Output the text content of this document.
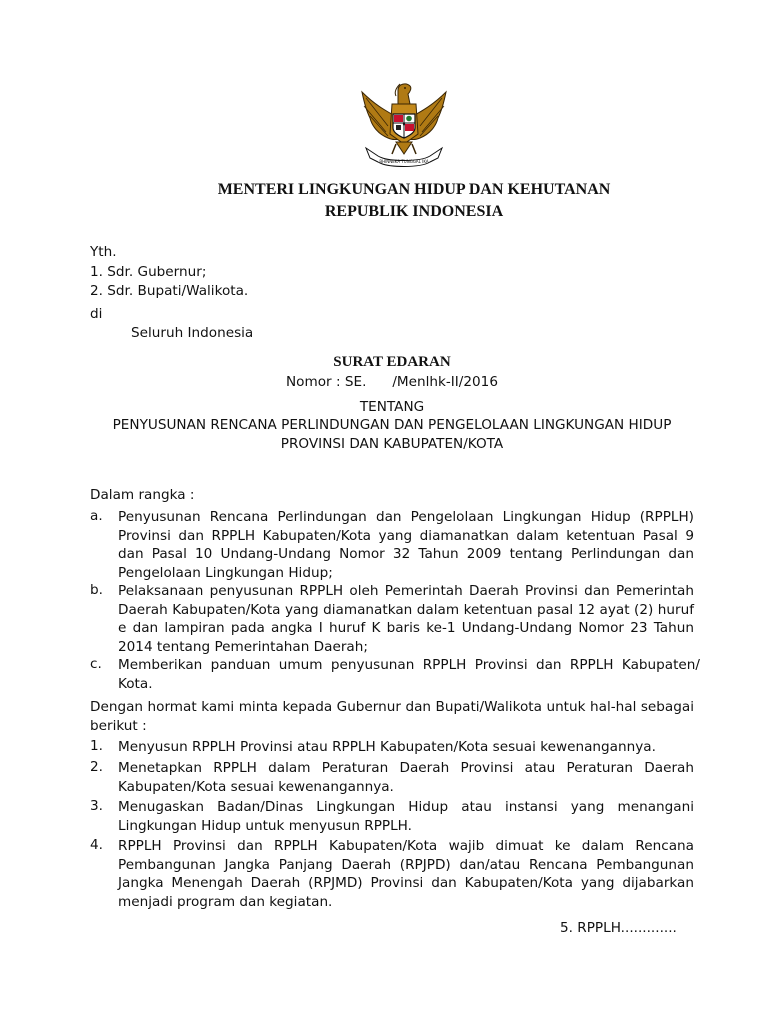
BHINNEKA TUNGGAL IKA
MENTERI LINGKUNGAN HIDUP DAN KEHUTANAN
REPUBLIK INDONESIA
Yth.
1. Sdr. Gubernur;
2. Sdr. Bupati/Walikota.
di
Seluruh Indonesia
SURAT EDARAN
Nomor : SE.      /Menlhk-II/2016
TENTANG
PENYUSUNAN RENCANA PERLINDUNGAN DAN PENGELOLAAN LINGKUNGAN HIDUP
PROVINSI DAN KABUPATEN/KOTA
Dalam rangka :
a. Penyusunan Rencana Perlindungan dan Pengelolaan Lingkungan Hidup (RPPLH) Provinsi dan RPPLH Kabupaten/Kota yang diamanatkan dalam ketentuan Pasal 9 dan Pasal 10 Undang-Undang Nomor 32 Tahun 2009 tentang Perlindungan dan Pengelolaan Lingkungan Hidup;
b. Pelaksanaan penyusunan RPPLH oleh Pemerintah Daerah Provinsi dan Pemerintah Daerah Kabupaten/Kota yang diamanatkan dalam ketentuan pasal 12 ayat (2) huruf e dan lampiran pada angka I huruf K baris ke-1 Undang-Undang Nomor 23 Tahun 2014 tentang Pemerintahan Daerah;
c. Memberikan panduan umum penyusunan RPPLH Provinsi dan RPPLH Kabupaten/ Kota.
Dengan hormat kami minta kepada Gubernur dan Bupati/Walikota untuk hal-hal sebagai berikut :
1. Menyusun RPPLH Provinsi atau RPPLH Kabupaten/Kota sesuai kewenangannya.
2. Menetapkan RPPLH dalam Peraturan Daerah Provinsi atau Peraturan Daerah Kabupaten/Kota sesuai kewenangannya.
3. Menugaskan Badan/Dinas Lingkungan Hidup atau instansi yang menangani Lingkungan Hidup untuk menyusun RPPLH.
4. RPPLH Provinsi dan RPPLH Kabupaten/Kota wajib dimuat ke dalam Rencana Pembangunan Jangka Panjang Daerah (RPJPD) dan/atau Rencana Pembangunan Jangka Menengah Daerah (RPJMD) Provinsi dan Kabupaten/Kota yang dijabarkan menjadi program dan kegiatan.
5. RPPLH.............
